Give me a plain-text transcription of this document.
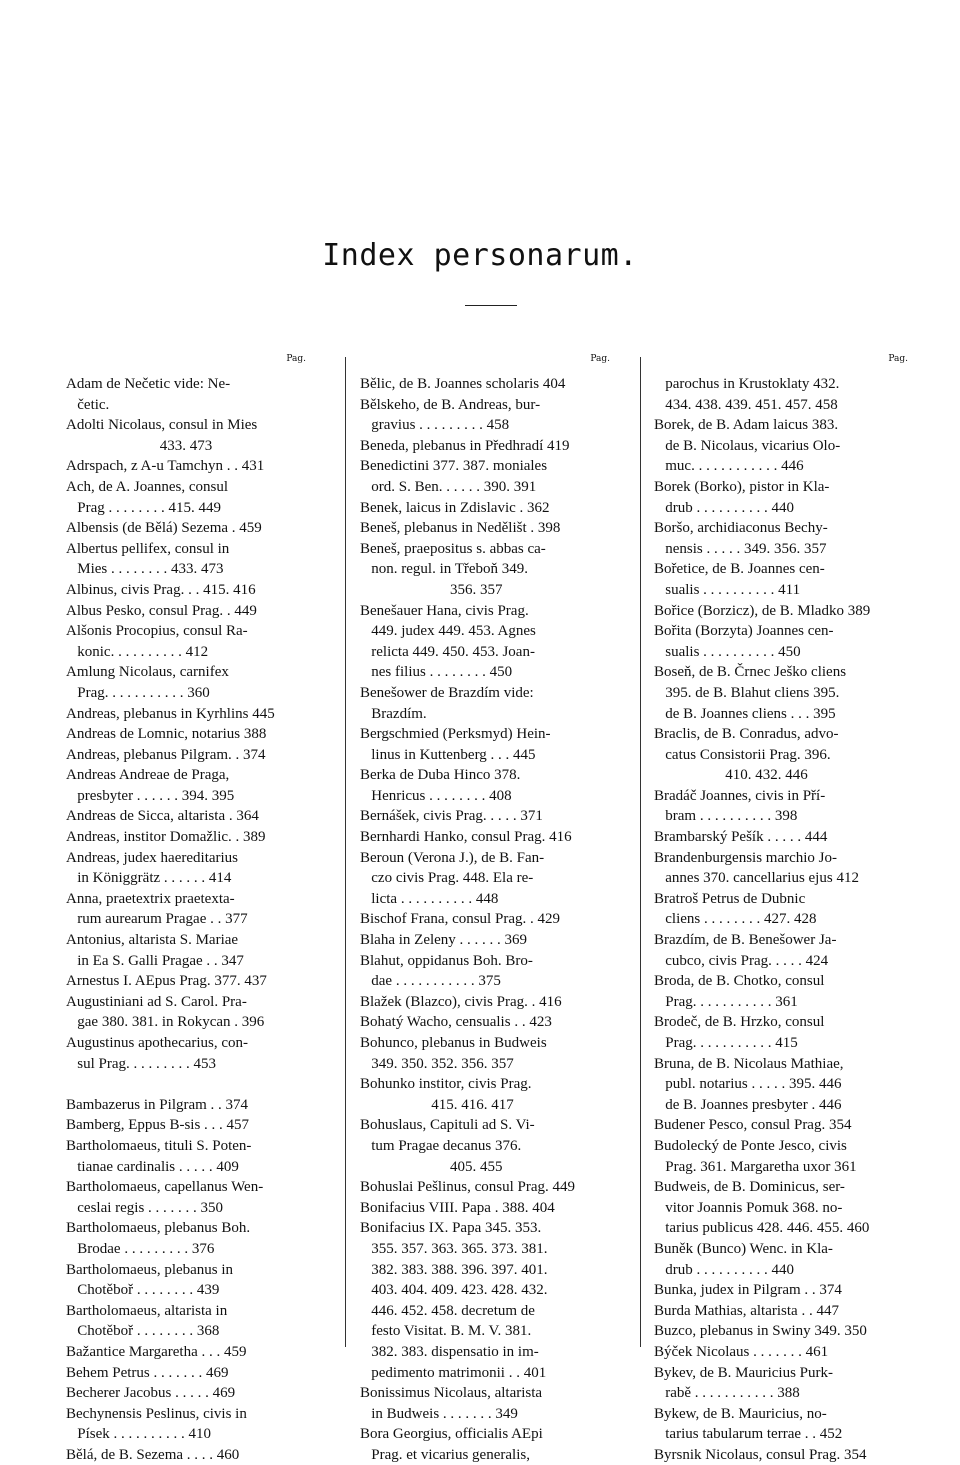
Index personarum.
Pag.
Adam de Nečetic vide: Ne-
četic.
Adolti Nicolaus, consul in Mies
433. 473
Adrspach, z A-u Tamchyn . . 431
Ach, de A. Joannes, consul
Prag . . . . . . . . 415. 449
Albensis (de Bělá) Sezema . 459
Albertus pellifex, consul in
Mies . . . . . . . . 433. 473
Albinus, civis Prag. . . 415. 416
Albus Pesko, consul Prag. . 449
Alšonis Procopius, consul Ra-
konic. . . . . . . . . . 412
Amlung Nicolaus, carnifex
Prag. . . . . . . . . . . 360
Andreas, plebanus in Kyrhlins 445
Andreas de Lomnic, notarius 388
Andreas, plebanus Pilgram. . 374
Andreas Andreae de Praga,
presbyter . . . . . . 394. 395
Andreas de Sicca, altarista . 364
Andreas, institor Domažlic. . 389
Andreas, judex haereditarius
in Königgrätz . . . . . . 414
Anna, praetextrix praetexta-
rum aurearum Pragae . . 377
Antonius, altarista S. Mariae
in Ea S. Galli Pragae . . 347
Arnestus I. AEpus Prag. 377. 437
Augustiniani ad S. Carol. Pra-
gae 380. 381. in Rokycan . 396
Augustinus apothecarius, con-
sul Prag. . . . . . . . . 453
Bambazerus in Pilgram . . 374
Bamberg, Eppus B-sis . . . 457
Bartholomaeus, tituli S. Poten-
tianae cardinalis . . . . . 409
Bartholomaeus, capellanus Wen-
ceslai regis . . . . . . . 350
Bartholomaeus, plebanus Boh.
Brodae . . . . . . . . . 376
Bartholomaeus, plebanus in
Chotěboř . . . . . . . . 439
Bartholomaeus, altarista in
Chotěboř . . . . . . . . 368
Bažantice Margaretha . . . 459
Behem Petrus . . . . . . . 469
Becherer Jacobus . . . . . 469
Bechynensis Peslinus, civis in
Písek . . . . . . . . . . 410
Bělá, de B. Sezema . . . . 460
Pag.
Bělic, de B. Joannes scholaris 404
Bělskeho, de B. Andreas, bur-
gravius . . . . . . . . . 458
Beneda, plebanus in Předhradí 419
Benedictini 377. 387. moniales
ord. S. Ben. . . . . . 390. 391
Benek, laicus in Zdislavic . 362
Beneš, plebanus in Nedělišt . 398
Beneš, praepositus s. abbas ca-
non. regul. in Třeboň 349.
356. 357
Benešauer Hana, civis Prag.
449. judex 449. 453. Agnes
relicta 449. 450. 453. Joan-
nes filius . . . . . . . . 450
Benešower de Brazdím vide:
Brazdím.
Bergschmied (Perksmyd) Hein-
linus in Kuttenberg . . . 445
Berka de Duba Hinco 378.
Henricus . . . . . . . . 408
Bernášek, civis Prag. . . . . 371
Bernhardi Hanko, consul Prag. 416
Beroun (Verona J.), de B. Fan-
czo civis Prag. 448. Ela re-
licta . . . . . . . . . . 448
Bischof Frana, consul Prag. . 429
Blaha in Zeleny . . . . . . 369
Blahut, oppidanus Boh. Bro-
dae . . . . . . . . . . . 375
Blažek (Blazco), civis Prag. . 416
Bohatý Wacho, censualis . . 423
Bohunco, plebanus in Budweis
349. 350. 352. 356. 357
Bohunko institor, civis Prag.
415. 416. 417
Bohuslaus, Capituli ad S. Vi-
tum Pragae decanus 376.
405. 455
Bohuslai Pešlinus, consul Prag. 449
Bonifacius VIII. Papa . 388. 404
Bonifacius IX. Papa 345. 353.
355. 357. 363. 365. 373. 381.
382. 383. 388. 396. 397. 401.
403. 404. 409. 423. 428. 432.
446. 452. 458. decretum de
festo Visitat. B. M. V. 381.
382. 383. dispensatio in im-
pedimento matrimonii . . 401
Bonissimus Nicolaus, altarista
in Budweis . . . . . . . 349
Bora Georgius, officialis AEpi
Prag. et vicarius generalis,
Pag.
parochus in Krustoklaty 432.
434. 438. 439. 451. 457. 458
Borek, de B. Adam laicus 383.
de B. Nicolaus, vicarius Olo-
muc. . . . . . . . . . . . 446
Borek (Borko), pistor in Kla-
drub . . . . . . . . . . 440
Boršo, archidiaconus Bechy-
nensis . . . . . 349. 356. 357
Bořetice, de B. Joannes cen-
sualis . . . . . . . . . . 411
Bořice (Borzicz), de B. Mladko 389
Bořita (Borzyta) Joannes cen-
sualis . . . . . . . . . . 450
Boseň, de B. Črnec Ješko cliens
395. de B. Blahut cliens 395.
de B. Joannes cliens . . . 395
Braclis, de B. Conradus, advo-
catus Consistorii Prag. 396.
410. 432. 446
Bradáč Joannes, civis in Pří-
bram . . . . . . . . . . 398
Brambarský Pešík . . . . . 444
Brandenburgensis marchio Jo-
annes 370. cancellarius ejus 412
Bratroš Petrus de Dubnic
cliens . . . . . . . . 427. 428
Brazdím, de B. Benešower Ja-
cubco, civis Prag. . . . . 424
Broda, de B. Chotko, consul
Prag. . . . . . . . . . . 361
Brodeč, de B. Hrzko, consul
Prag. . . . . . . . . . . 415
Bruna, de B. Nicolaus Mathiae,
publ. notarius . . . . . 395. 446
de B. Joannes presbyter . 446
Budener Pesco, consul Prag. 354
Budolecký de Ponte Jesco, civis
Prag. 361. Margaretha uxor 361
Budweis, de B. Dominicus, ser-
vitor Joannis Pomuk 368. no-
tarius publicus 428. 446. 455. 460
Buněk (Bunco) Wenc. in Kla-
drub . . . . . . . . . . 440
Bunka, judex in Pilgram . . 374
Burda Mathias, altarista . . 447
Buzco, plebanus in Swiny 349. 350
Býček Nicolaus . . . . . . . 461
Bykev, de B. Mauricius Purk-
rabě . . . . . . . . . . . 388
Bykew, de B. Mauricius, no-
tarius tabularum terrae . . 452
Byrsnik Nicolaus, consul Prag. 354
